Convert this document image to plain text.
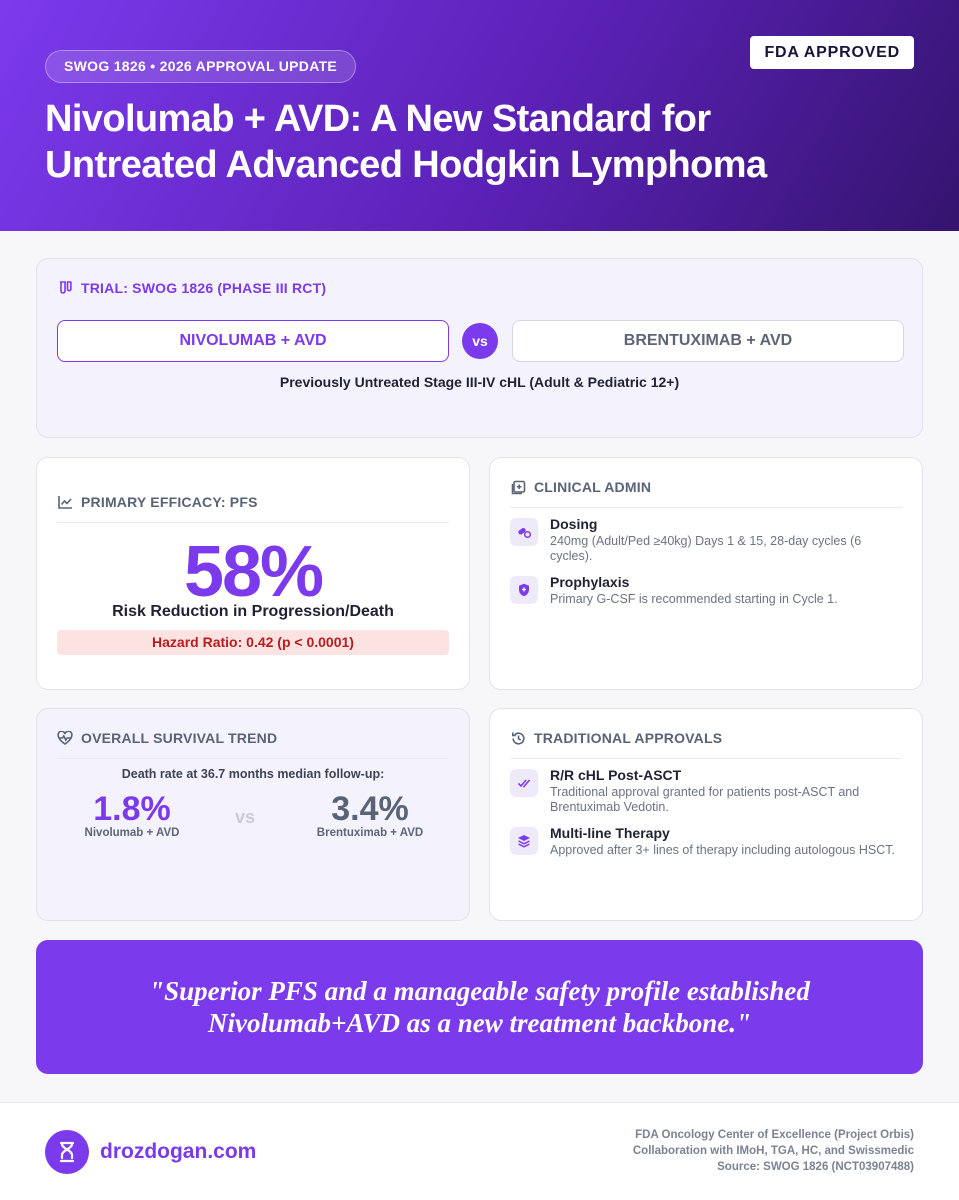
SWOG 1826 • 2026 APPROVAL UPDATE
FDA APPROVED
Nivolumab + AVD: A New Standard for
Untreated Advanced Hodgkin Lymphoma
TRIAL: SWOG 1826 (PHASE III RCT)
NIVOLUMAB + AVD	vs	BRENTUXIMAB + AVD
Previously Untreated Stage III-IV cHL (Adult & Pediatric 12+)
PRIMARY EFFICACY: PFS
58%
Risk Reduction in Progression/Death
Hazard Ratio: 0.42 (p < 0.0001)
CLINICAL ADMIN
Dosing
240mg (Adult/Ped ≥40kg) Days 1 & 15, 28-day cycles (6 cycles).
Prophylaxis
Primary G-CSF is recommended starting in Cycle 1.
OVERALL SURVIVAL TREND
Death rate at 36.7 months median follow-up:
1.8%
Nivolumab + AVD
vs	3.4%
Brentuximab + AVD
TRADITIONAL APPROVALS
R/R cHL Post-ASCT
Traditional approval granted for patients post-ASCT and Brentuximab Vedotin.
Multi-line Therapy
Approved after 3+ lines of therapy including autologous HSCT.
"Superior PFS and a manageable safety profile established Nivolumab+AVD as a new treatment backbone."
drozdogan.com
FDA Oncology Center of Excellence (Project Orbis)
Collaboration with IMoH, TGA, HC, and Swissmedic
Source: SWOG 1826 (NCT03907488)
